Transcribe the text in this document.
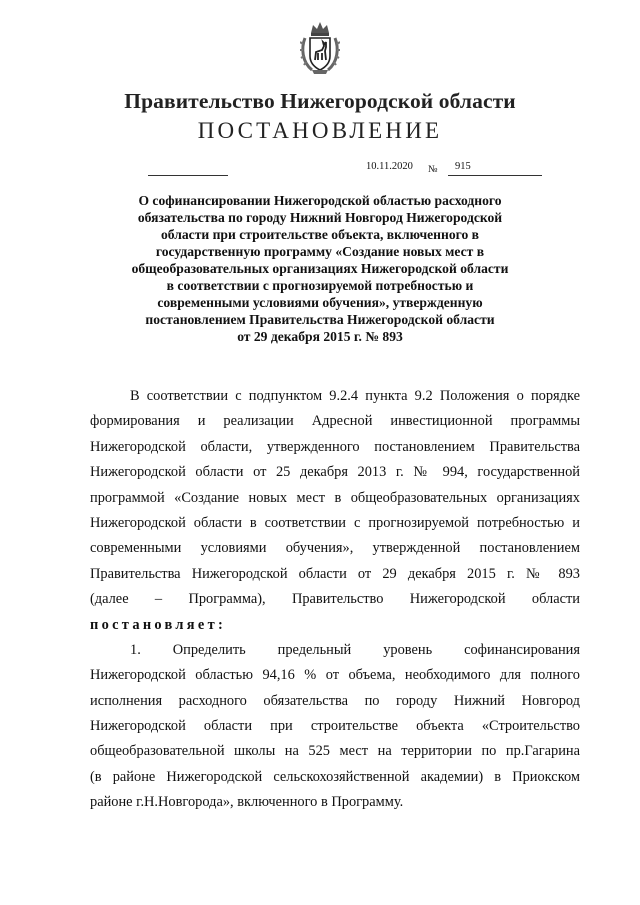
Правительство Нижегородской области
ПОСТАНОВЛЕНИЕ
10.11.2020 № 915
О софинансировании Нижегородской областью расходного
обязательства по городу Нижний Новгород Нижегородской
области при строительстве объекта, включенного в
государственную программу «Создание новых мест в
общеобразовательных организациях Нижегородской области
в соответствии с прогнозируемой потребностью и
современными условиями обучения», утвержденную
постановлением Правительства Нижегородской области
от 29 декабря 2015 г. № 893
В соответствии с подпунктом 9.2.4 пункта 9.2 Положения о порядке
формирования и реализации Адресной инвестиционной программы
Нижегородской области, утвержденного постановлением Правительства
Нижегородской области от 25 декабря 2013 г. № 994, государственной
программой «Создание новых мест в общеобразовательных организациях
Нижегородской области в соответствии с прогнозируемой потребностью и
современными условиями обучения», утвержденной постановлением
Правительства Нижегородской области от 29 декабря 2015 г. № 893
(далее – Программа), Правительство Нижегородской области
постановляет:
1. Определить предельный уровень софинансирования
Нижегородской областью 94,16 % от объема, необходимого для полного
исполнения расходного обязательства по городу Нижний Новгород
Нижегородской области при строительстве объекта «Строительство
общеобразовательной школы на 525 мест на территории по пр.Гагарина
(в районе Нижегородской сельскохозяйственной академии) в Приокском
районе г.Н.Новгорода», включенного в Программу.
